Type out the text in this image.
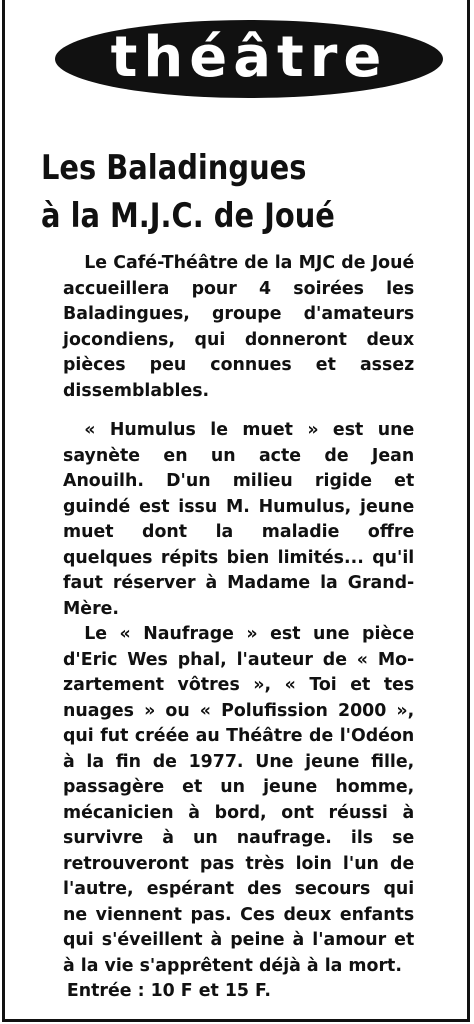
théâtre
Les Baladingues
à la M.J.C. de Joué

Le Café-Théâtre de la MJC de Joué accueillera pour 4 soirées les Baladingues, groupe d'amateurs jocondiens, qui donneront deux pièces peu connues et assez dissemblables.

« Humulus le muet » est une saynète en un acte de Jean Anouilh. D'un milieu rigide et guindé est issu M. Humulus, jeune muet dont la maladie offre quelques répits bien limités... qu'il faut réserver à Madame la Grand-Mère.

Le « Naufrage » est une pièce d'Eric Wes phal, l'auteur de « Mozartement vôtres », « Toi et tes nuages » ou « Polufission 2000 », qui fut créée au Théâtre de l'Odéon à la fin de 1977. Une jeune fille, passagère et un jeune homme, mécanicien à bord, ont réussi à survivre à un naufrage. ils se retrouveront pas très loin l'un de l'autre, espérant des secours qui ne viennent pas. Ces deux enfants qui s'éveillent à peine à l'amour et à la vie s'apprêtent déjà à la mort.

Entrée : 10 F et 15 F.
